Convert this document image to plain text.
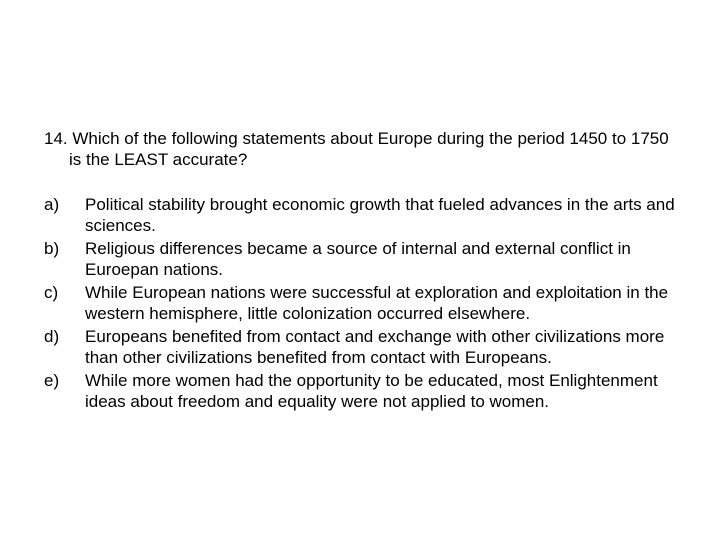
14. Which of the following statements about Europe during the period 1450 to 1750 is the LEAST accurate?
a) Political stability brought economic growth that fueled advances in the arts and sciences.
b) Religious differences became a source of internal and external conflict in Euroepan nations.
c) While European nations were successful at exploration and exploitation in the western hemisphere, little colonization occurred elsewhere.
d) Europeans benefited from contact and exchange with other civilizations more than other civilizations benefited from contact with Europeans.
e) While more women had the opportunity to be educated, most Enlightenment ideas about freedom and equality were not applied to women.
